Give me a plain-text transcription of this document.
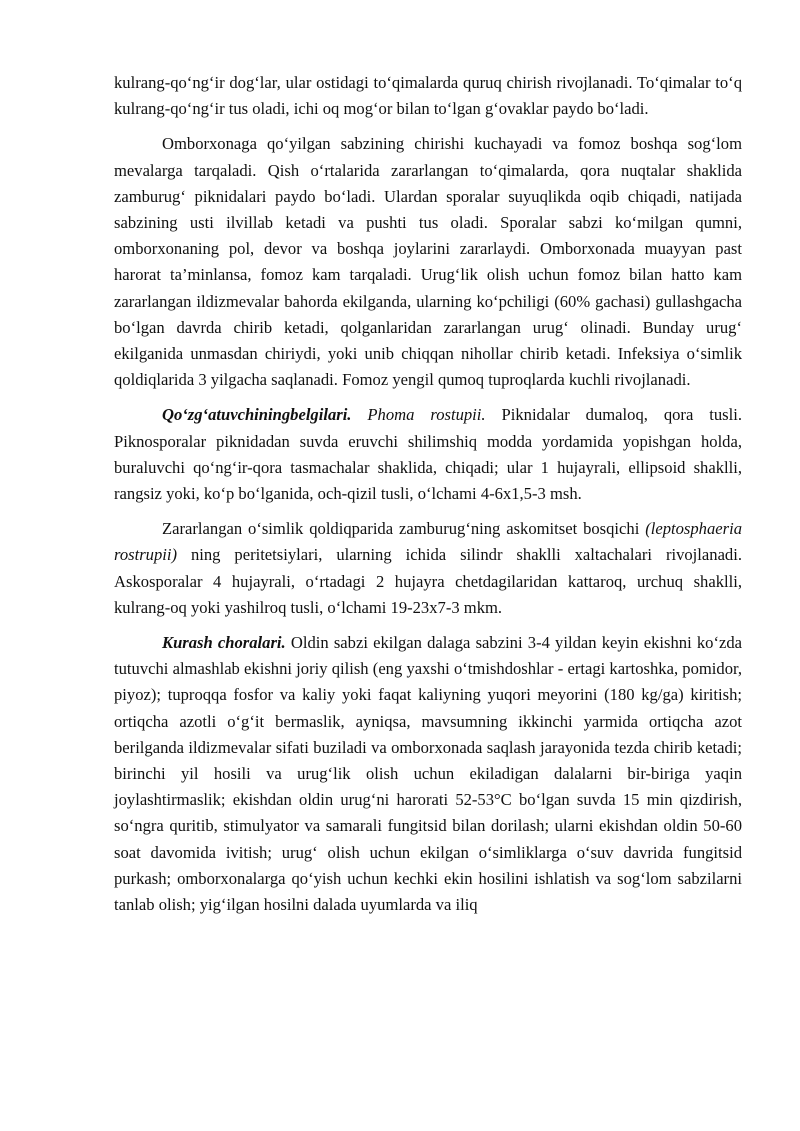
kulrang-qo‘ng‘ir dog‘lar, ular ostidagi to‘qimalarda quruq chirish rivojlanadi. To‘qimalar to‘q kulrang-qo‘ng‘ir tus oladi, ichi oq mog‘or bilan to‘lgan g‘ovaklar paydo bo‘ladi.

Omborxonaga qo‘yilgan sabzining chirishi kuchayadi va fomoz boshqa sog‘lom mevalarga tarqaladi. Qish o‘rtalarida zararlangan to‘qimalarda, qora nuqtalar shaklida zamburug‘ piknidalari paydo bo‘ladi. Ulardan sporalar suyuqlikda oqib chiqadi, natijada sabzining usti ilvillab ketadi va pushti tus oladi. Sporalar sabzi ko‘milgan qumni, omborxonaning pol, devor va boshqa joylarini zararlaydi. Omborxonada muayyan past harorat ta’minlansa, fomoz kam tarqaladi. Urug‘lik olish uchun fomoz bilan hatto kam zararlangan ildizmevalar bahorda ekilganda, ularning ko‘pchiligi (60% gachasi) gullashgacha bo‘lgan davrda chirib ketadi, qolganlaridan zararlangan urug‘ olinadi. Bunday urug‘ ekilganida unmasdan chiriydi, yoki unib chiqqan nihollar chirib ketadi. Infeksiya o‘simlik qoldiqlarida 3 yilgacha saqlanadi. Fomoz yengil qumoq tuproqlarda kuchli rivojlanadi.

Qo‘zg‘atuvchiningbelgilari. Phoma rostupii. Piknidalar dumaloq, qora tusli. Piknosporalar piknidadan suvda eruvchi shilimshiq modda yordamida yopishgan holda, buraluvchi qo‘ng‘ir-qora tasmachalar shaklida, chiqadi; ular 1 hujayrali, ellipsoid shaklli, rangsiz yoki, ko‘p bo‘lganida, och-qizil tusli, o‘lchami 4-6x1,5-3 msh.

Zararlangan o‘simlik qoldiqparida zamburug‘ning askomitset bosqichi (leptosphaeria rostrupii) ning peritetsiylari, ularning ichida silindr shaklli xaltachalari rivojlanadi. Askosporalar 4 hujayrali, o‘rtadagi 2 hujayra chetdagilaridan kattaroq, urchuq shaklli, kulrang-oq yoki yashilroq tusli, o‘lchami 19-23x7-3 mkm.

Kurash choralari. Oldin sabzi ekilgan dalaga sabzini 3-4 yildan keyin ekishni ko‘zda tutuvchi almashlab ekishni joriy qilish (eng yaxshi o‘tmishdoshlar - ertagi kartoshka, pomidor, piyoz); tuproqqa fosfor va kaliy yoki faqat kaliyning yuqori meyorini (180 kg/ga) kiritish; ortiqcha azotli o‘g‘it bermaslik, ayniqsa, mavsumning ikkinchi yarmida ortiqcha azot berilganda ildizmevalar sifati buziladi va omborxonada saqlash jarayonida tezda chirib ketadi; birinchi yil hosili va urug‘lik olish uchun ekiladigan dalalarni bir-biriga yaqin joylashtirmaslik; ekishdan oldin urug‘ni harorati 52-53°C bo‘lgan suvda 15 min qizdirish, so‘ngra quritib, stimulyator va samarali fungitsid bilan dorilash; ularni ekishdan oldin 50-60 soat davomida ivitish; urug‘ olish uchun ekilgan o‘simliklarga o‘suv davrida fungitsid purkash; omborxonalarga qo‘yish uchun kechki ekin hosilini ishlatish va sog‘lom sabzilarni tanlab olish; yig‘ilgan hosilni dalada uyumlarda va iliq
